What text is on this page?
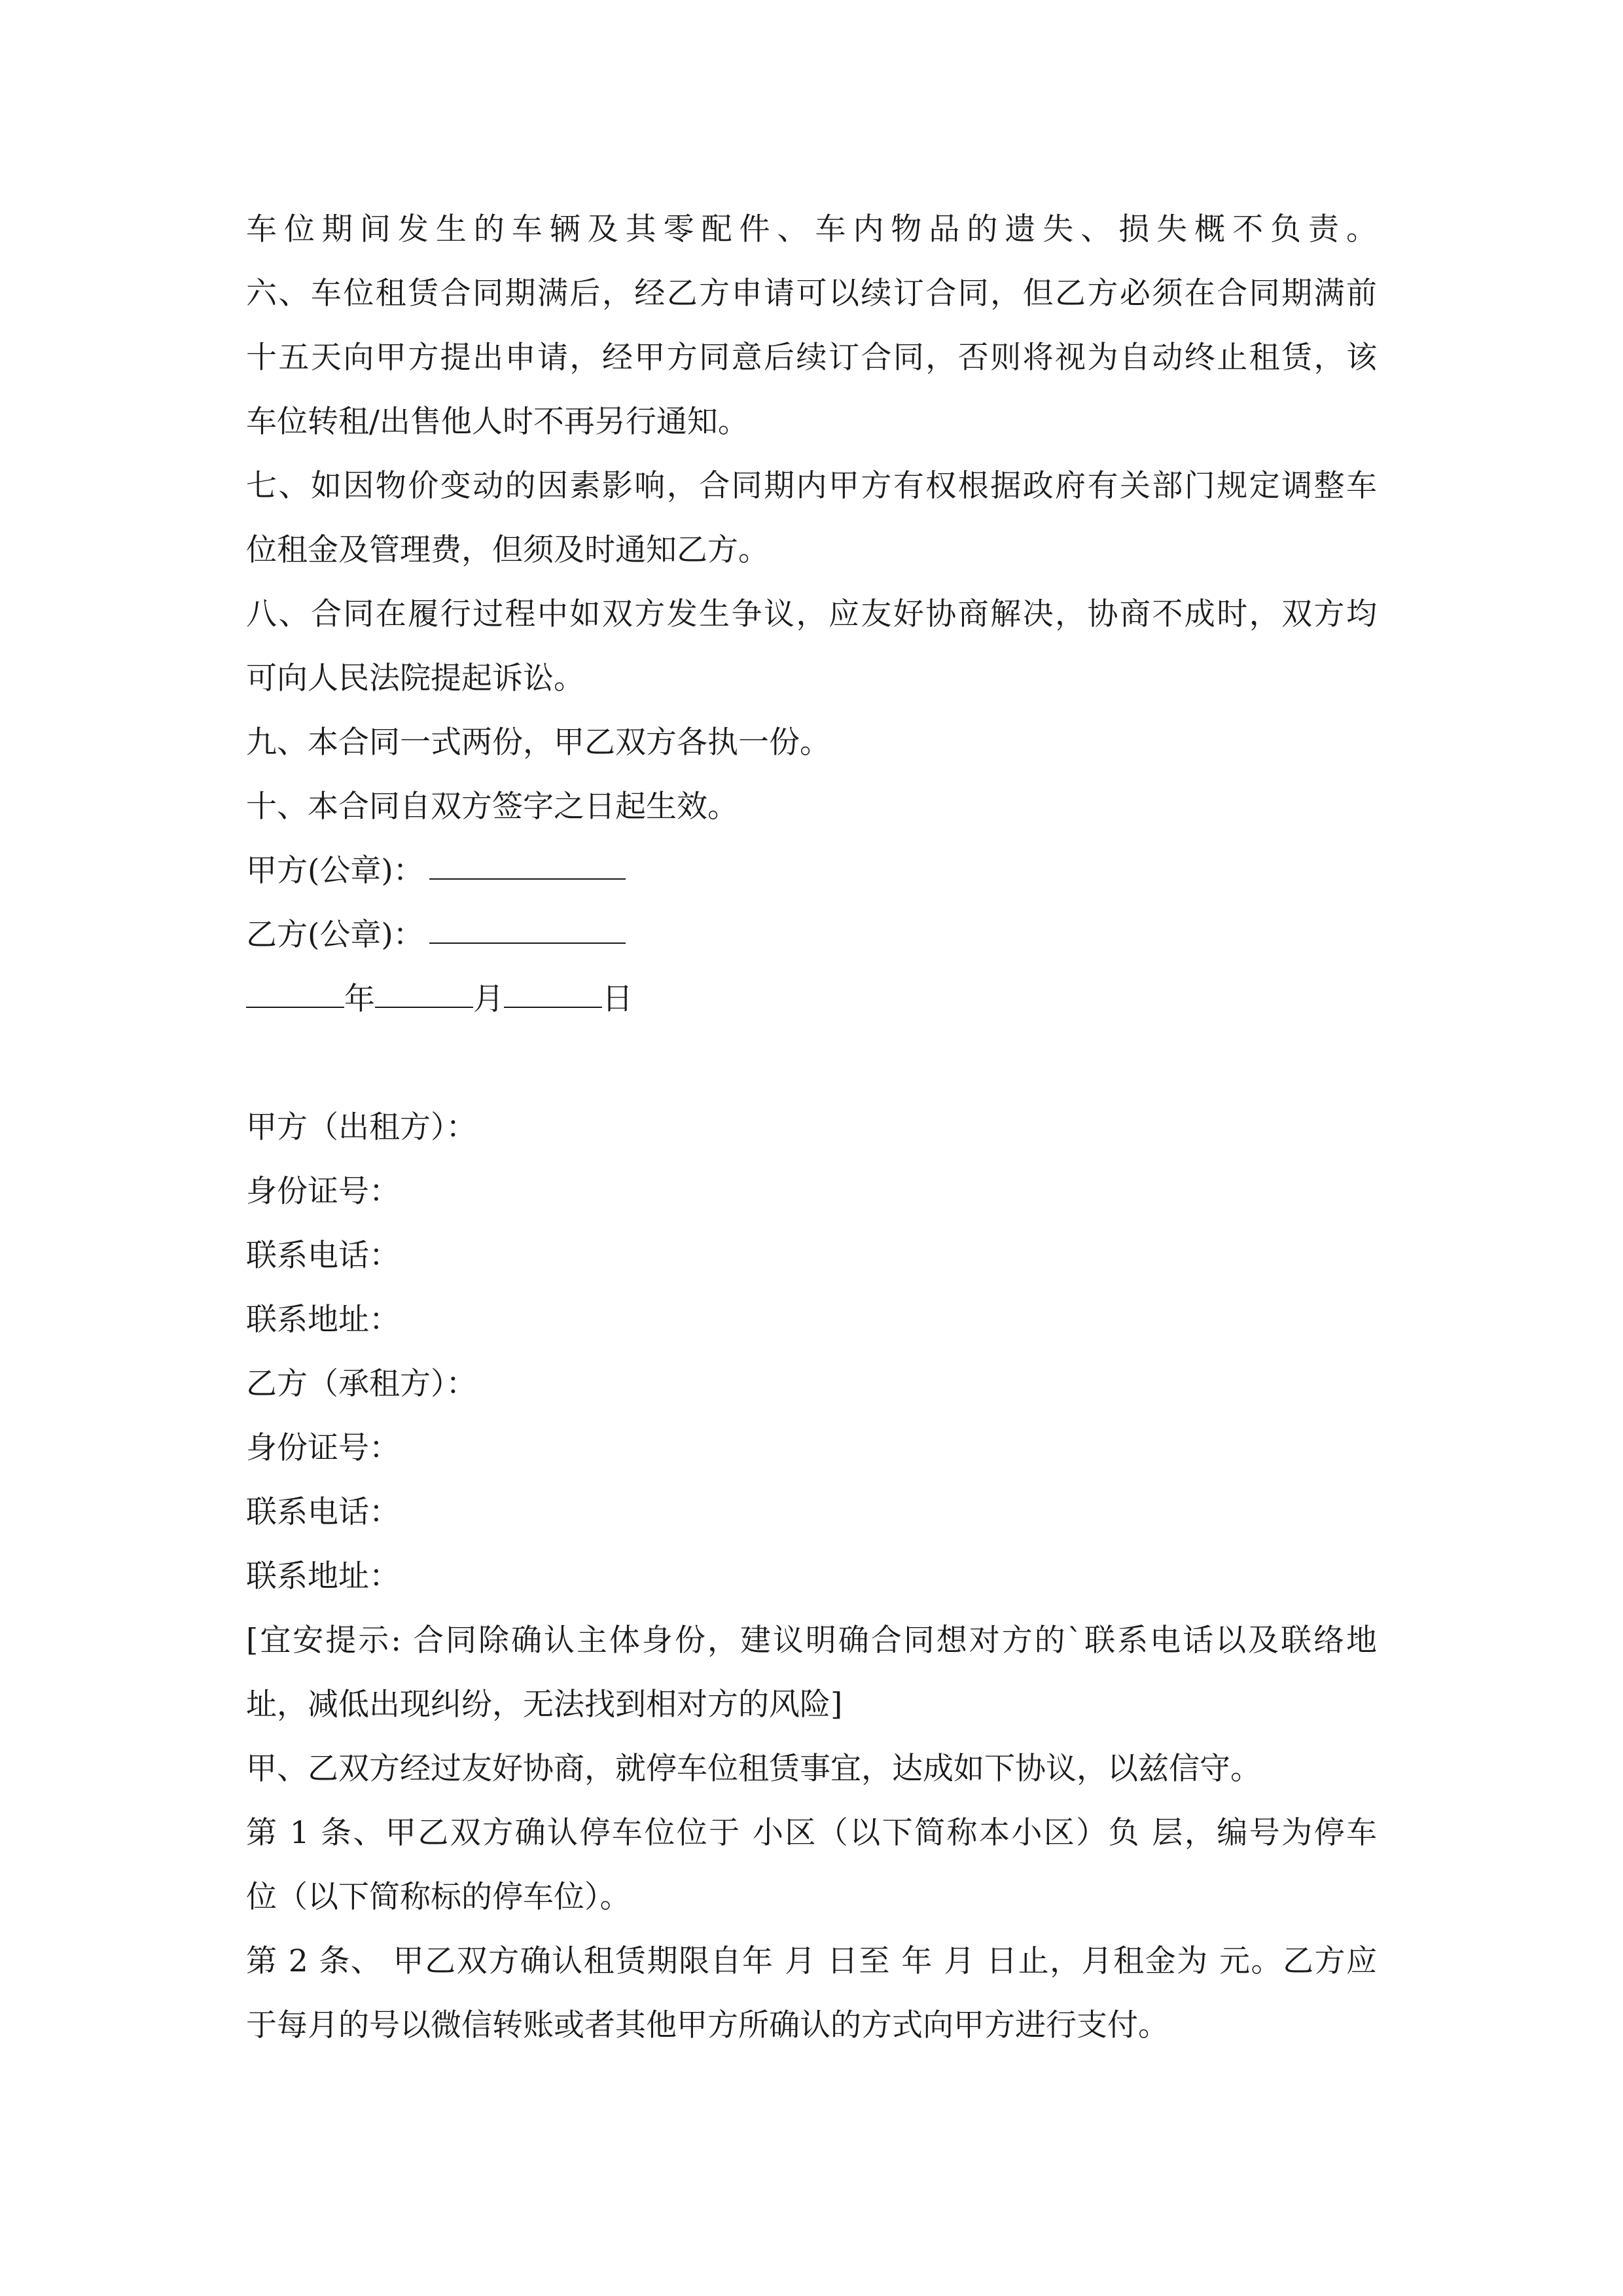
车位期间发生的车辆及其零配件、车内物品的遗失、损失概不负责。
六、车位租赁合同期满后，经乙方申请可以续订合同，但乙方必须在合同期满前
十五天向甲方提出申请，经甲方同意后续订合同，否则将视为自动终止租赁，该
车位转租/出售他人时不再另行通知。
七、如因物价变动的因素影响，合同期内甲方有权根据政府有关部门规定调整车
位租金及管理费，但须及时通知乙方。
八、合同在履行过程中如双方发生争议，应友好协商解决，协商不成时，双方均
可向人民法院提起诉讼。
九、本合同一式两份，甲乙双方各执一份。
十、本合同自双方签字之日起生效。
甲方(公章)：
乙方(公章)：
年	月	日
甲方（出租方）：
身份证号：
联系电话：
联系地址：
乙方（承租方）：
身份证号：
联系电话：
联系地址：
[宜安提示: 合同除确认主体身份，建议明确合同想对方的`联系电话以及联络地
址，减低出现纠纷，无法找到相对方的风险]
甲、乙双方经过友好协商，就停车位租赁事宜，达成如下协议，以兹信守。
第 1 条、甲乙双方确认停车位位于 小区（以下简称本小区）负 层，编号为停车
位（以下简称标的停车位）。
第 2 条、 甲乙双方确认租赁期限自年 月 日至 年 月 日止，月租金为 元。乙方应
于每月的号以微信转账或者其他甲方所确认的方式向甲方进行支付。
